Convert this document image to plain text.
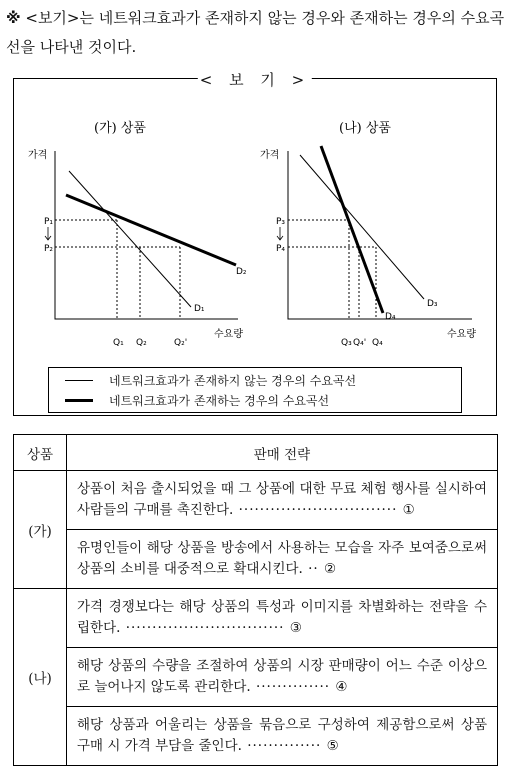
※ <보기>는 네트워크효과가 존재하지 않는 경우와 존재하는 경우의 수요곡선을 나타낸 것이다.
< 보 기 >
(가) 상품
가격
수요량
P₁
P₂
Q₁ Q₂	Q₂'
D₁
D₂
(나) 상품
가격
수요량
P₃
P₄
Q₃ Q₄' Q₄
D₃
D₄
네트워크효과가 존재하지 않는 경우의 수요곡선
네트워크효과가 존재하는 경우의 수요곡선
상품	판매 전략
(가)	상품이 처음 출시되었을 때 그 상품에 대한 무료 체험 행사를 실시하여 사람들의 구매를 촉진한다. ······························ ①
	유명인들이 해당 상품을 방송에서 사용하는 모습을 자주 보여줌으로써 상품의 소비를 대중적으로 확대시킨다. ·· ②
(나)	가격 경쟁보다는 해당 상품의 특성과 이미지를 차별화하는 전략을 수립한다. ······························ ③
	해당 상품의 수량을 조절하여 상품의 시장 판매량이 어느 수준 이상으로 늘어나지 않도록 관리한다. ·············· ④
	해당 상품과 어울리는 상품을 묶음으로 구성하여 제공함으로써 상품 구매 시 가격 부담을 줄인다. ·············· ⑤
